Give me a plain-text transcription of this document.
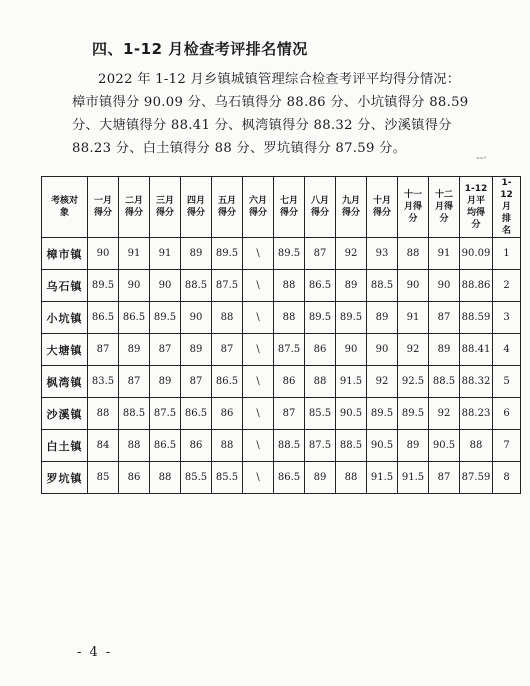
四、1-12 月检查考评排名情况
2022 年 1-12 月乡镇城镇管理综合检查考评平均得分情况：
樟市镇得分 90.09 分、乌石镇得分 88.86 分、小坑镇得分 88.59
分、大塘镇得分 88.41 分、枫湾镇得分 88.32 分、沙溪镇得分
88.23 分、白土镇得分 88 分、罗坑镇得分 87.59 分。
--·
考核对象	一月得分	二月得分	三月得分	四月得分	五月得分	六月得分	七月得分	八月得分	九月得分	十月得分	十一月得分	十二月得分	1-12月平均得分	1-12月排名
樟市镇	90	91	91	89	89.5	\	89.5	87	92	93	88	91	90.09	1
乌石镇	89.5	90	90	88.5	87.5	\	88	86.5	89	88.5	90	90	88.86	2
小坑镇	86.5	86.5	89.5	90	88	\	88	89.5	89.5	89	91	87	88.59	3
大塘镇	87	89	87	89	87	\	87.5	86	90	90	92	89	88.41	4
枫湾镇	83.5	87	89	87	86.5	\	86	88	91.5	92	92.5	88.5	88.32	5
沙溪镇	88	88.5	87.5	86.5	86	\	87	85.5	90.5	89.5	89.5	92	88.23	6
白土镇	84	88	86.5	86	88	\	88.5	87.5	88.5	90.5	89	90.5	88	7
罗坑镇	85	86	88	85.5	85.5	\	86.5	89	88	91.5	91.5	87	87.59	8
- 4 -
